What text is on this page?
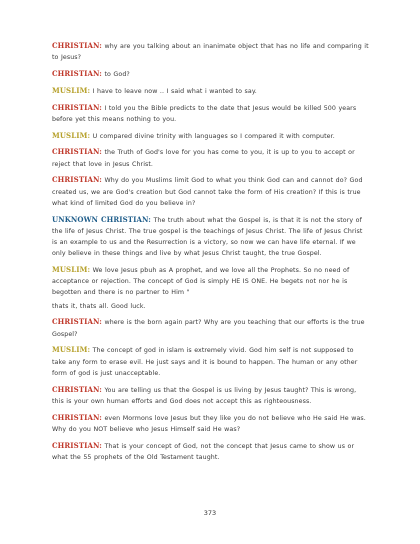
CHRISTIAN: why are you talking about an inanimate object that has no life and comparing it to Jesus?

CHRISTIAN: to God?

MUSLIM: I have to leave now .. I said what i wanted to say.

CHRISTIAN: I told you the Bible predicts to the date that Jesus would be killed 500 years before yet this means nothing to you.

MUSLIM: U compared divine trinity with languages so I compared it with computer.

CHRISTIAN: the Truth of God's love for you has come to you, it is up to you to accept or reject that love in Jesus Christ.

CHRISTIAN: Why do you Muslims limit God to what you think God can and cannot do? God created us, we are God's creation but God cannot take the form of His creation? If this is true what kind of limited God do you believe in?

UNKNOWN CHRISTIAN: The truth about what the Gospel is, is that it is not the story of the life of Jesus Christ. The true gospel is the teachings of Jesus Christ. The life of Jesus Christ is an example to us and the Resurrection is a victory, so now we can have life eternal. If we only believe in these things and live by what Jesus Christ taught, the true Gospel.

MUSLIM: We love Jesus pbuh as A prophet, and we love all the Prophets. So no need of acceptance or rejection. The concept of God is simply HE IS ONE. He begets not nor he is begotten and there is no partner to Him "

thats it, thats all. Good luck.

CHRISTIAN: where is the born again part? Why are you teaching that our efforts is the true Gospel?

MUSLIM: The concept of god in islam is extremely vivid. God him self is not supposed to take any form to erase evil. He just says and it is bound to happen. The human or any other form of god is just unacceptable.

CHRISTIAN: You are telling us that the Gospel is us living by Jesus taught? This is wrong, this is your own human efforts and God does not accept this as righteousness.

CHRISTIAN: even Mormons love Jesus but they like you do not believe who He said He was. Why do you NOT believe who Jesus Himself said He was?

CHRISTIAN: That is your concept of God, not the concept that Jesus came to show us or what the 55 prophets of the Old Testament taught.

373
